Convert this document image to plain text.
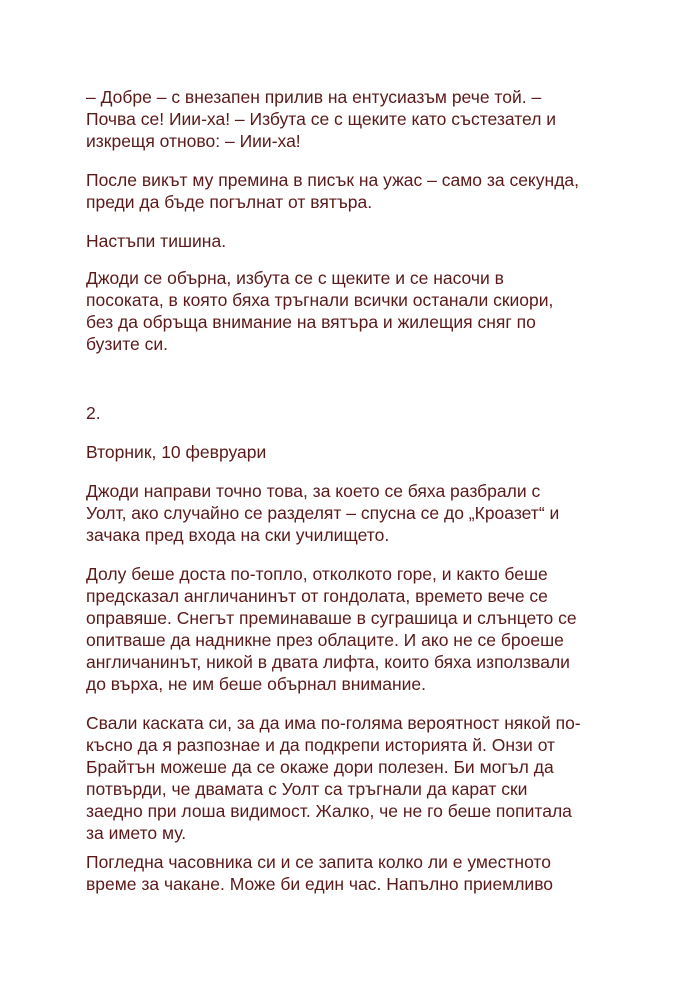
– Добре – с внезапен прилив на ентусиазъм рече той. –

Почва се! Иии-ха! – Избута се с щеките като състезател и

изкрещя отново: – Иии-ха!

После викът му премина в писък на ужас – само за секунда,

преди да бъде погълнат от вятъра.

Настъпи тишина.

Джоди се обърна, избута се с щеките и се насочи в

посоката, в която бяха тръгнали всички останали скиори,

без да обръща внимание на вятъра и жилещия сняг по

бузите си.

2.

Вторник, 10 февруари

Джоди направи точно това, за което се бяха разбрали с

Уолт, ако случайно се разделят – спусна се до „Кроазет“ и

зачака пред входа на ски училището.

Долу беше доста по-топло, отколкото горе, и както беше

предсказал англичанинът от гондолата, времето вече се

оправяше. Снегът преминаваше в суграшица и слънцето се

опитваше да надникне през облаците. И ако не се броеше

англичанинът, никой в двата лифта, които бяха използвали

до върха, не им беше обърнал внимание.

Свали каската си, за да има по-голяма вероятност някой по-

късно да я разпознае и да подкрепи историята й. Онзи от

Брайтън можеше да се окаже дори полезен. Би могъл да

потвърди, че двамата с Уолт са тръгнали да карат ски

заедно при лоша видимост. Жалко, че не го беше попитала

за името му.

Погледна часовника си и се запита колко ли е уместното

време за чакане. Може би един час. Напълно приемливо
